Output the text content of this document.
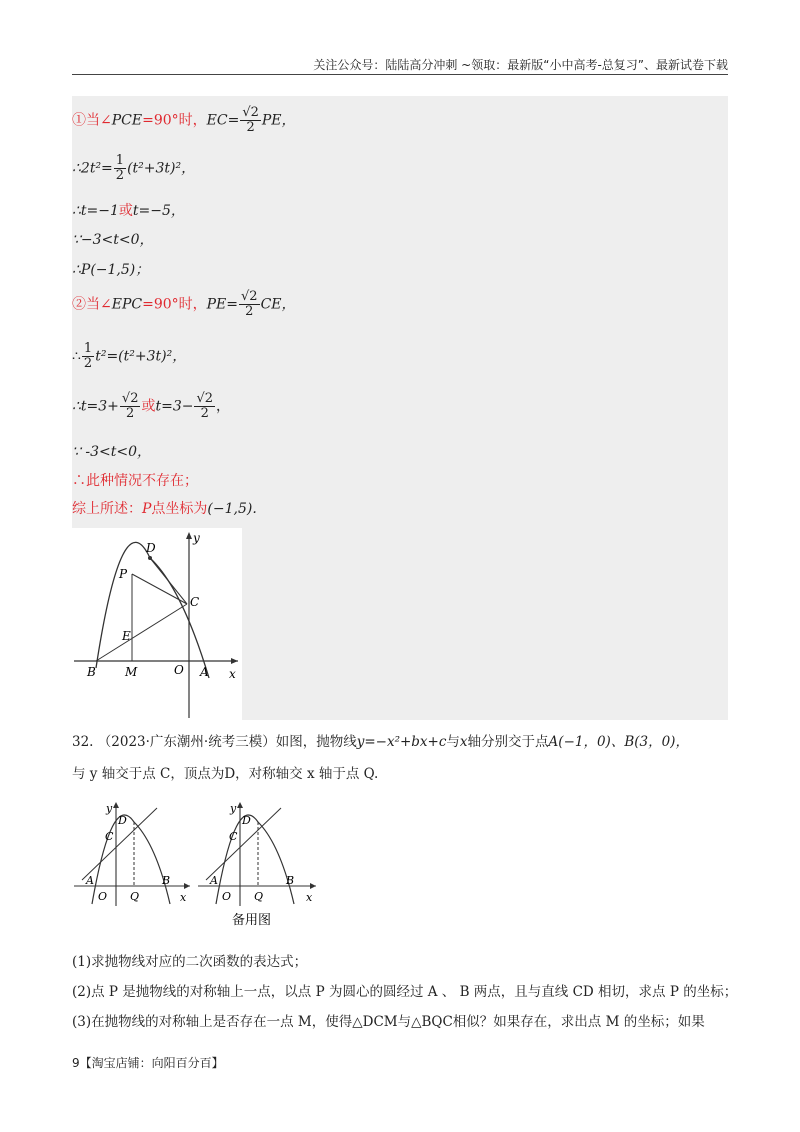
关注公众号：陆陆高分冲刺 ~领取：最新版“小中高考-总复习”、最新试卷下载
①当∠PCE=90°时，$EC= \frac{√2}{2}$ PE，
∴2t²= $\frac{1}{2} (t^2+3t)^2$，
∴t=−1或t=−5，
∵−3<t<0，
∴P(−1,5)；
②当∠EPC=90°时，$PE= \frac{√2}{2}$ CE，
∴ $\frac{1}{2} t^2=(t^2+3t)^2$，
∴t=3+ $\frac{√2}{2}$ 或$t=3- \frac{√2}{2}$ ，
∵ -3<t<0，
∴此种情况不存在；
综上所述：P点坐标为(−1,5).
D
y
P
C
E
B M	O A x
32. （2023·广东潮州·统考三模）如图，抛物线y=−x²+bx+c与x轴分别交于点A(−1，0)、B(3，0)，
与 y 轴交于点 C，顶点为D，对称轴交 x 轴于点 Q.
y
D
C
A
O Q
B
x
y
D
C
A
O Q
B
x
备用图
(1)求抛物线对应的二次函数的表达式；
(2)点 P 是抛物线的对称轴上一点，以点 P 为圆心的圆经过 A 、 B 两点，且与直线 CD 相切，求点 P 的坐标；
(3)在抛物线的对称轴上是否存在一点 M，使得△DCM与△BQC相似？如果存在，求出点 M 的坐标；如果
9【淘宝店铺：向阳百分百】
